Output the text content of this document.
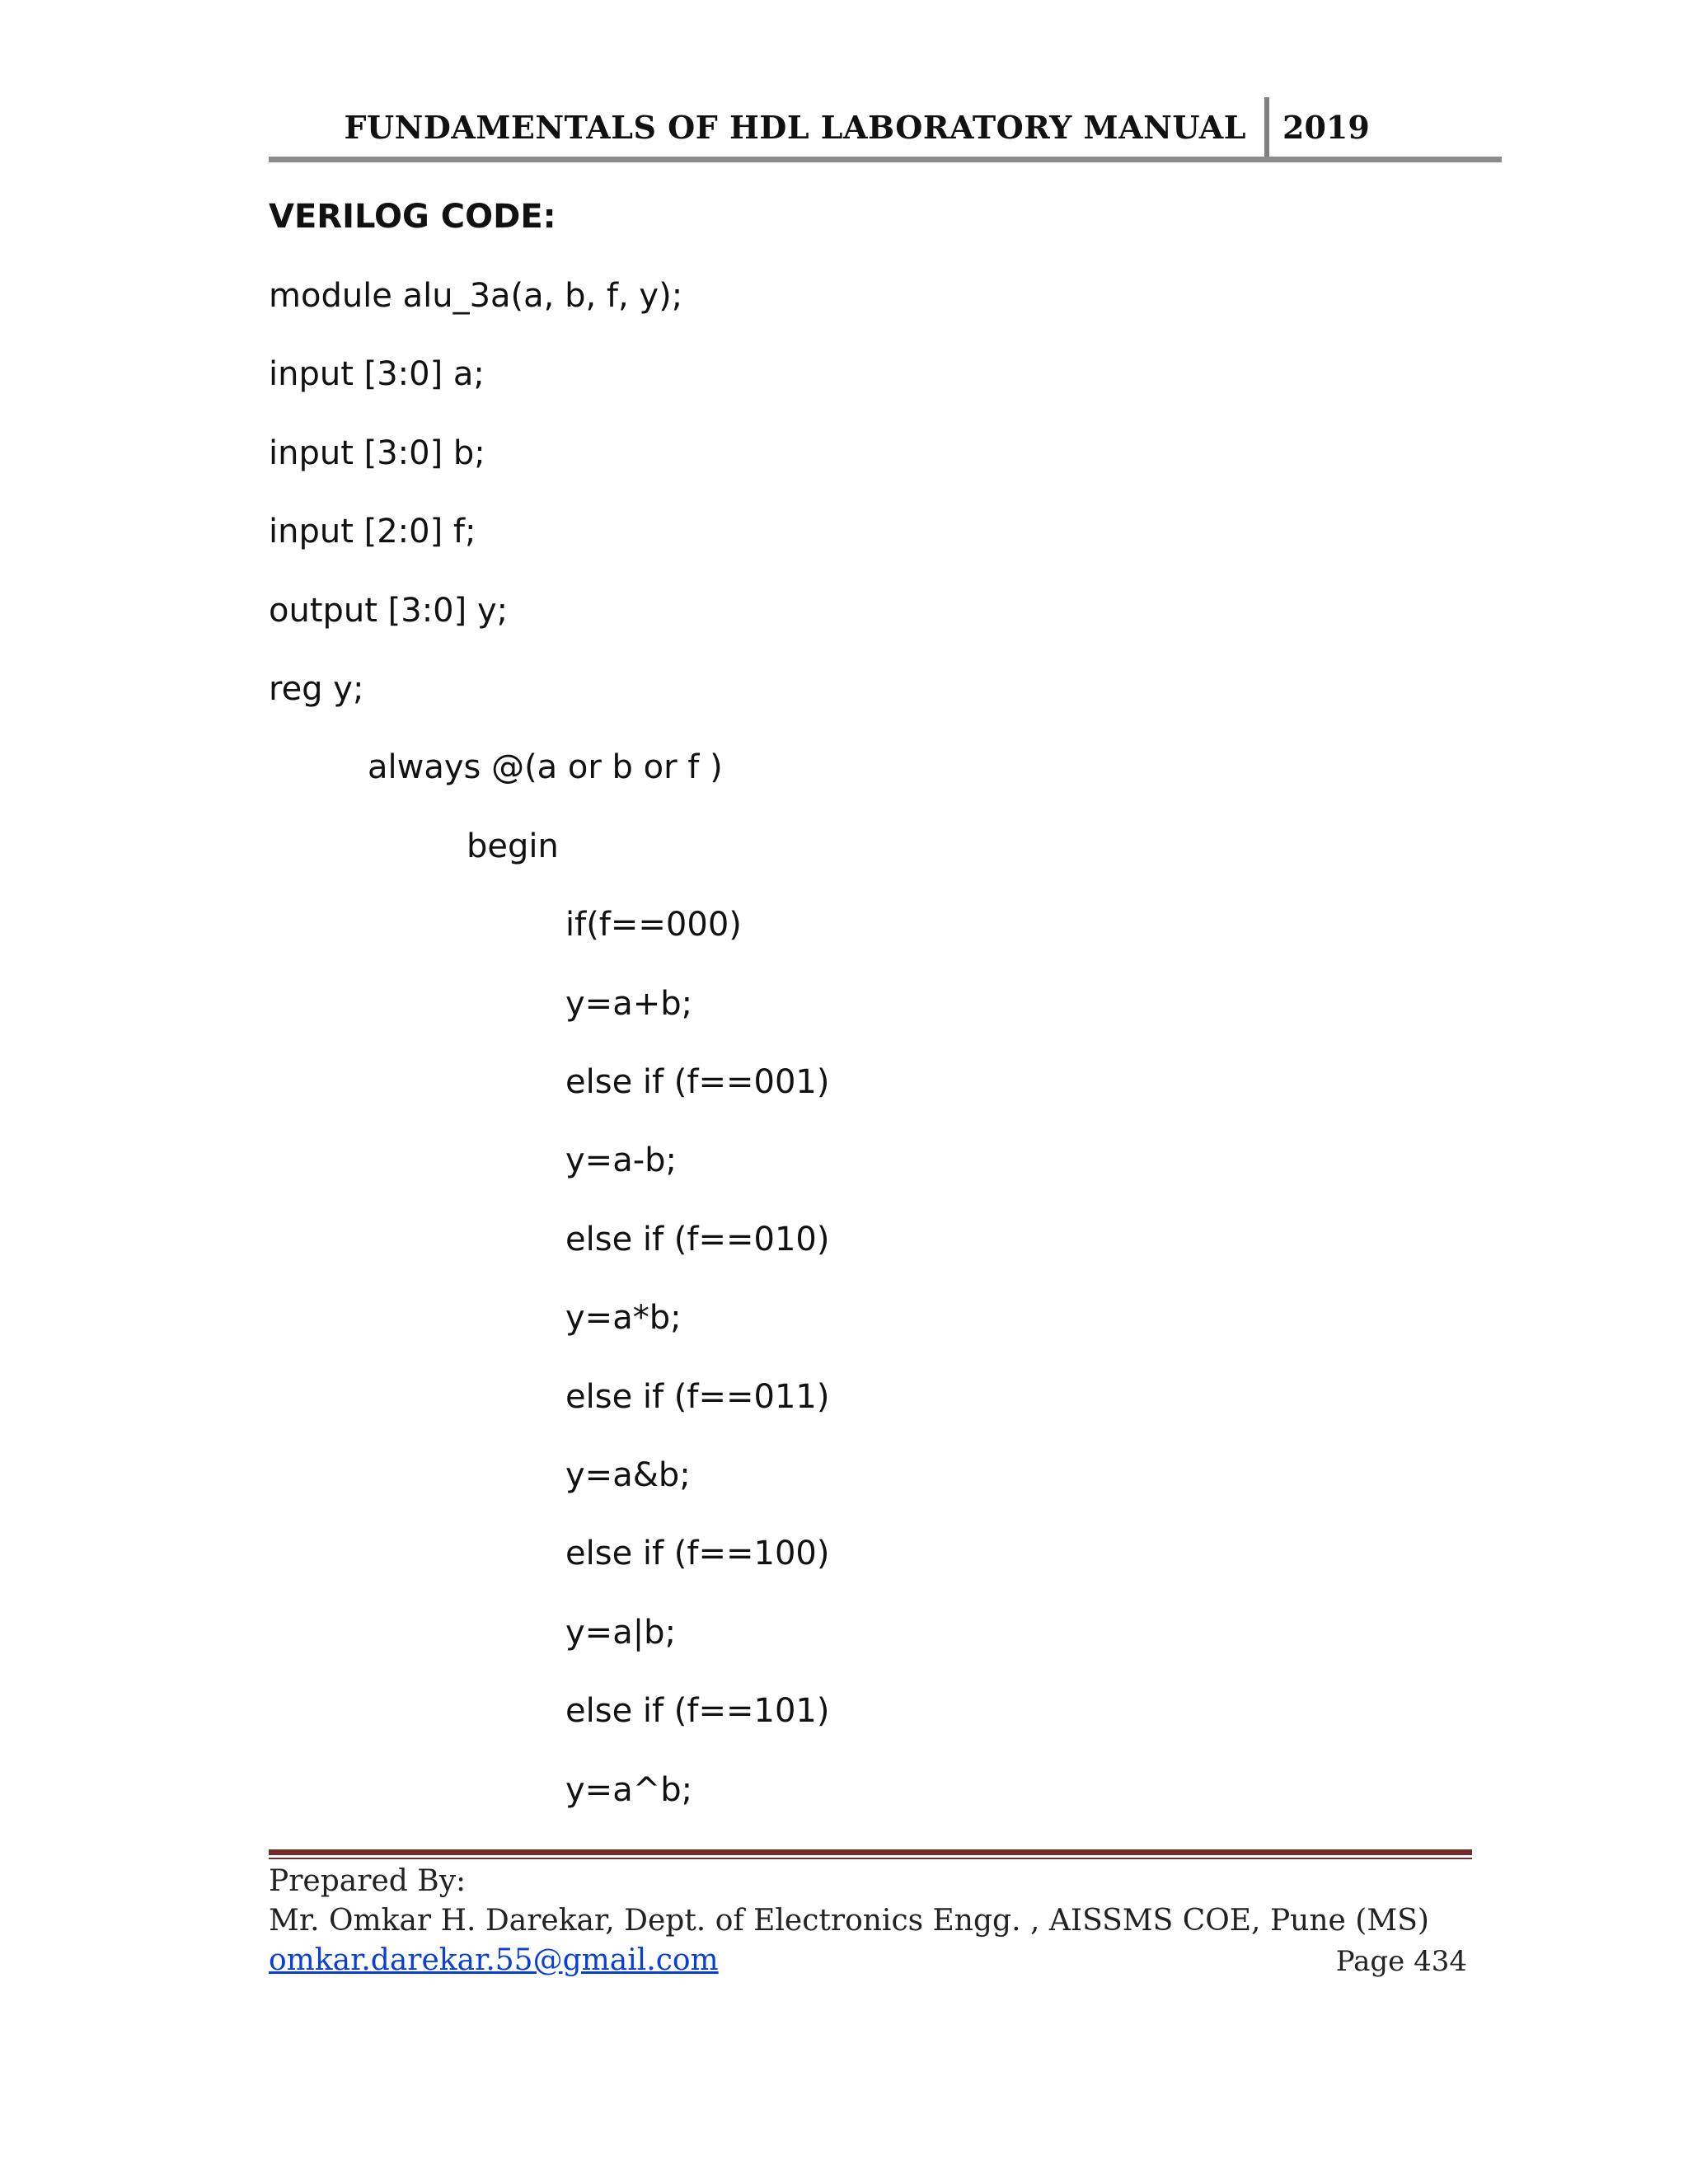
FUNDAMENTALS OF HDL LABORATORY MANUAL 2019
VERILOG CODE:
module alu_3a(a, b, f, y);
input [3:0] a;
input [3:0] b;
input [2:0] f;
output [3:0] y;
reg y;
always @(a or b or f )
begin
if(f==000)
y=a+b;
else if (f==001)
y=a-b;
else if (f==010)
y=a*b;
else if (f==011)
y=a&b;
else if (f==100)
y=a|b;
else if (f==101)
y=a^b;
Prepared By:
Mr. Omkar H. Darekar, Dept. of Electronics Engg. , AISSMS COE, Pune (MS)
omkar.darekar.55@gmail.com	Page 434
